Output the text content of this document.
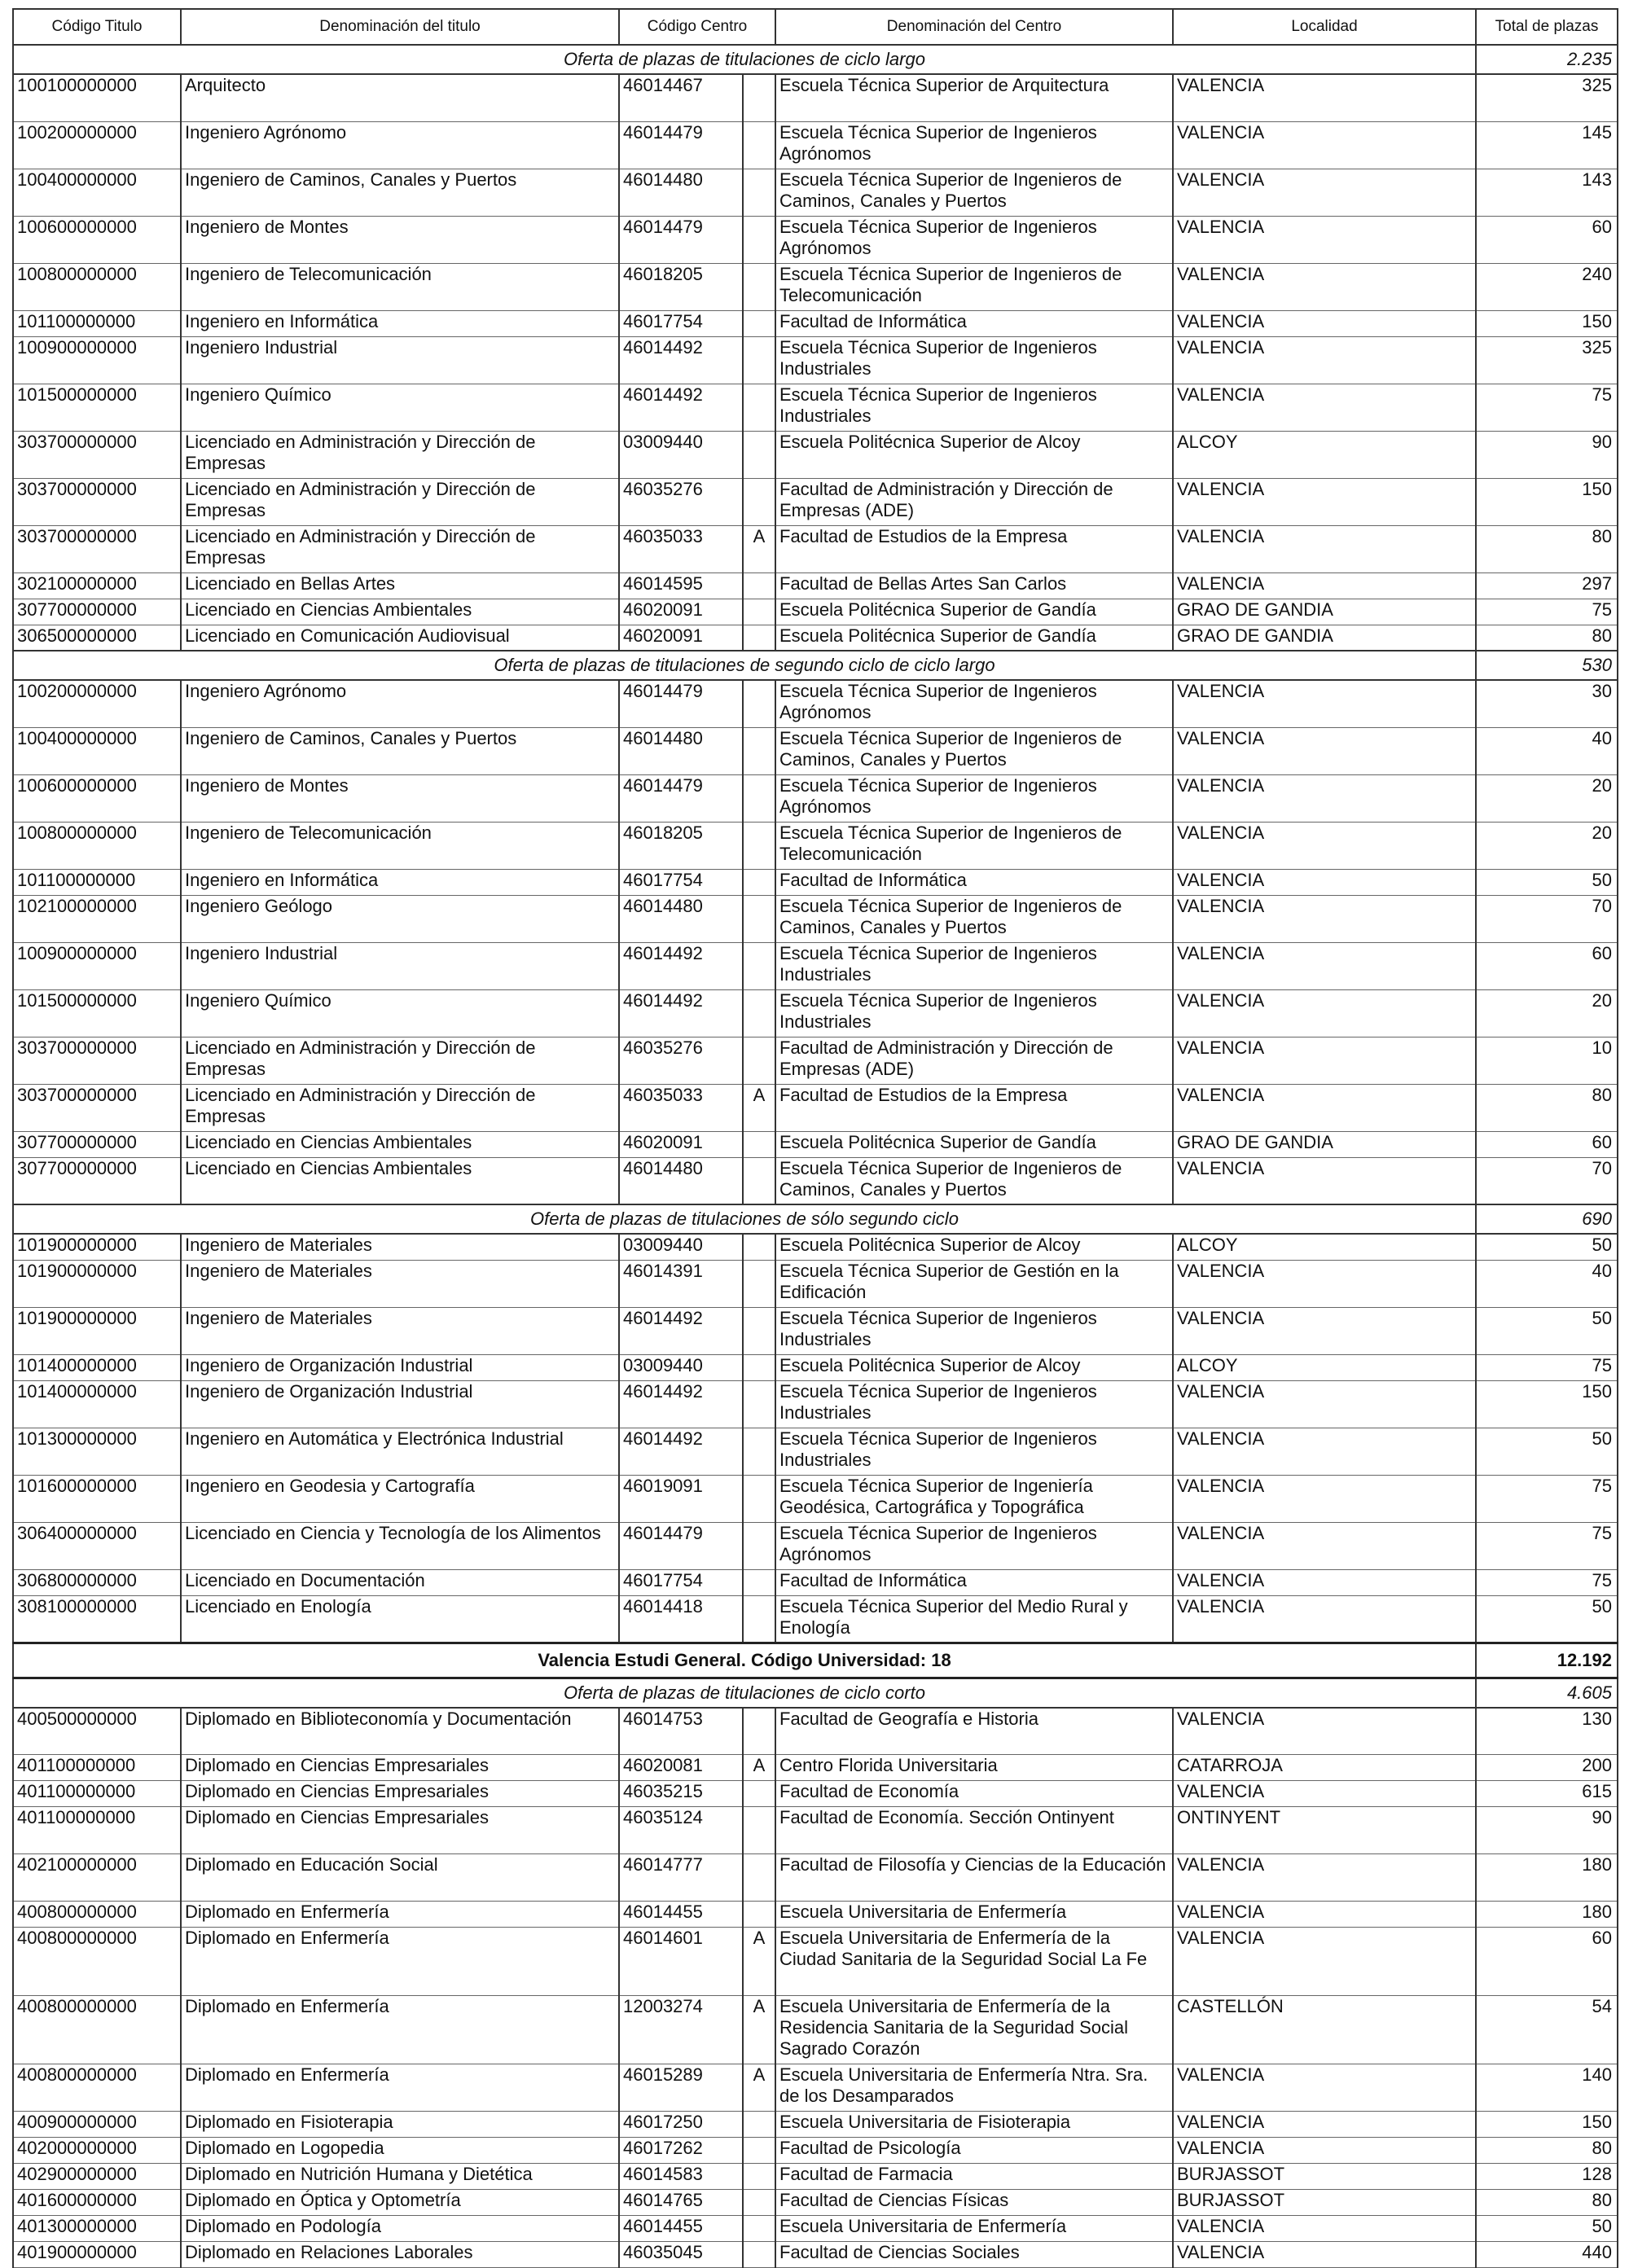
Código Titulo	Denominación del titulo	Código Centro		Denominación del Centro	Localidad	Total de plazas
Oferta de plazas de titulaciones de ciclo largo						2.235
100100000000	Arquitecto	46014467		Escuela Técnica Superior de Arquitectura	VALENCIA	325
100200000000	Ingeniero Agrónomo	46014479		Escuela Técnica Superior de Ingenieros Agrónomos	VALENCIA	145
100400000000	Ingeniero de Caminos, Canales y Puertos	46014480		Escuela Técnica Superior de Ingenieros de Caminos, Canales y Puertos	VALENCIA	143
100600000000	Ingeniero de Montes	46014479		Escuela Técnica Superior de Ingenieros Agrónomos	VALENCIA	60
100800000000	Ingeniero de Telecomunicación	46018205		Escuela Técnica Superior de Ingenieros de Telecomunicación	VALENCIA	240
101100000000	Ingeniero en Informática	46017754		Facultad de Informática	VALENCIA	150
100900000000	Ingeniero Industrial	46014492		Escuela Técnica Superior de Ingenieros Industriales	VALENCIA	325
101500000000	Ingeniero Químico	46014492		Escuela Técnica Superior de Ingenieros Industriales	VALENCIA	75
303700000000	Licenciado en Administración y Dirección de Empresas	03009440		Escuela Politécnica Superior de Alcoy	ALCOY	90
303700000000	Licenciado en Administración y Dirección de Empresas	46035276		Facultad de Administración y Dirección de Empresas (ADE)	VALENCIA	150
303700000000	Licenciado en Administración y Dirección de Empresas	46035033	A	Facultad de Estudios de la Empresa	VALENCIA	80
302100000000	Licenciado en Bellas Artes	46014595		Facultad de Bellas Artes San Carlos	VALENCIA	297
307700000000	Licenciado en Ciencias Ambientales	46020091		Escuela Politécnica Superior de Gandía	GRAO DE GANDIA	75
306500000000	Licenciado en Comunicación Audiovisual	46020091		Escuela Politécnica Superior de Gandía	GRAO DE GANDIA	80
Oferta de plazas de titulaciones de segundo ciclo de ciclo largo						530
100200000000	Ingeniero Agrónomo	46014479		Escuela Técnica Superior de Ingenieros Agrónomos	VALENCIA	30
100400000000	Ingeniero de Caminos, Canales y Puertos	46014480		Escuela Técnica Superior de Ingenieros de Caminos, Canales y Puertos	VALENCIA	40
100600000000	Ingeniero de Montes	46014479		Escuela Técnica Superior de Ingenieros Agrónomos	VALENCIA	20
100800000000	Ingeniero de Telecomunicación	46018205		Escuela Técnica Superior de Ingenieros de Telecomunicación	VALENCIA	20
101100000000	Ingeniero en Informática	46017754		Facultad de Informática	VALENCIA	50
102100000000	Ingeniero Geólogo	46014480		Escuela Técnica Superior de Ingenieros de Caminos, Canales y Puertos	VALENCIA	70
100900000000	Ingeniero Industrial	46014492		Escuela Técnica Superior de Ingenieros Industriales	VALENCIA	60
101500000000	Ingeniero Químico	46014492		Escuela Técnica Superior de Ingenieros Industriales	VALENCIA	20
303700000000	Licenciado en Administración y Dirección de Empresas	46035276		Facultad de Administración y Dirección de Empresas (ADE)	VALENCIA	10
303700000000	Licenciado en Administración y Dirección de Empresas	46035033	A	Facultad de Estudios de la Empresa	VALENCIA	80
307700000000	Licenciado en Ciencias Ambientales	46020091		Escuela Politécnica Superior de Gandía	GRAO DE GANDIA	60
307700000000	Licenciado en Ciencias Ambientales	46014480		Escuela Técnica Superior de Ingenieros de Caminos, Canales y Puertos	VALENCIA	70
Oferta de plazas de titulaciones de sólo segundo ciclo						690
101900000000	Ingeniero de Materiales	03009440		Escuela Politécnica Superior de Alcoy	ALCOY	50
101900000000	Ingeniero de Materiales	46014391		Escuela Técnica Superior de Gestión en la Edificación	VALENCIA	40
101900000000	Ingeniero de Materiales	46014492		Escuela Técnica Superior de Ingenieros Industriales	VALENCIA	50
101400000000	Ingeniero de Organización Industrial	03009440		Escuela Politécnica Superior de Alcoy	ALCOY	75
101400000000	Ingeniero de Organización Industrial	46014492		Escuela Técnica Superior de Ingenieros Industriales	VALENCIA	150
101300000000	Ingeniero en Automática y Electrónica Industrial	46014492		Escuela Técnica Superior de Ingenieros Industriales	VALENCIA	50
101600000000	Ingeniero en Geodesia y Cartografía	46019091		Escuela Técnica Superior de Ingeniería Geodésica, Cartográfica y Topográfica	VALENCIA	75
306400000000	Licenciado en Ciencia y Tecnología de los Alimentos	46014479		Escuela Técnica Superior de Ingenieros Agrónomos	VALENCIA	75
306800000000	Licenciado en Documentación	46017754		Facultad de Informática	VALENCIA	75
308100000000	Licenciado en Enología	46014418		Escuela Técnica Superior del Medio Rural y Enología	VALENCIA	50
Valencia Estudi General. Código Universidad: 18						12.192
Oferta de plazas de titulaciones de ciclo corto						4.605
400500000000	Diplomado en Biblioteconomía y Documentación	46014753		Facultad de Geografía e Historia	VALENCIA	130
401100000000	Diplomado en Ciencias Empresariales	46020081	A	Centro Florida Universitaria	CATARROJA	200
401100000000	Diplomado en Ciencias Empresariales	46035215		Facultad de Economía	VALENCIA	615
401100000000	Diplomado en Ciencias Empresariales	46035124		Facultad de Economía. Sección Ontinyent	ONTINYENT	90
402100000000	Diplomado en Educación Social	46014777		Facultad de Filosofía y Ciencias de la Educación	VALENCIA	180
400800000000	Diplomado en Enfermería	46014455		Escuela Universitaria de Enfermería	VALENCIA	180
400800000000	Diplomado en Enfermería	46014601	A	Escuela Universitaria de Enfermería de la Ciudad Sanitaria de la Seguridad Social La Fe	VALENCIA	60
400800000000	Diplomado en Enfermería	12003274	A	Escuela Universitaria de Enfermería de la Residencia Sanitaria de la Seguridad Social Sagrado Corazón	CASTELLÓN	54
400800000000	Diplomado en Enfermería	46015289	A	Escuela Universitaria de Enfermería Ntra. Sra. de los Desamparados	VALENCIA	140
400900000000	Diplomado en Fisioterapia	46017250		Escuela Universitaria de Fisioterapia	VALENCIA	150
402000000000	Diplomado en Logopedia	46017262		Facultad de Psicología	VALENCIA	80
402900000000	Diplomado en Nutrición Humana y Dietética	46014583		Facultad de Farmacia	BURJASSOT	128
401600000000	Diplomado en Óptica y Optometría	46014765		Facultad de Ciencias Físicas	BURJASSOT	80
401300000000	Diplomado en Podología	46014455		Escuela Universitaria de Enfermería	VALENCIA	50
401900000000	Diplomado en Relaciones Laborales	46035045		Facultad de Ciencias Sociales	VALENCIA	440
